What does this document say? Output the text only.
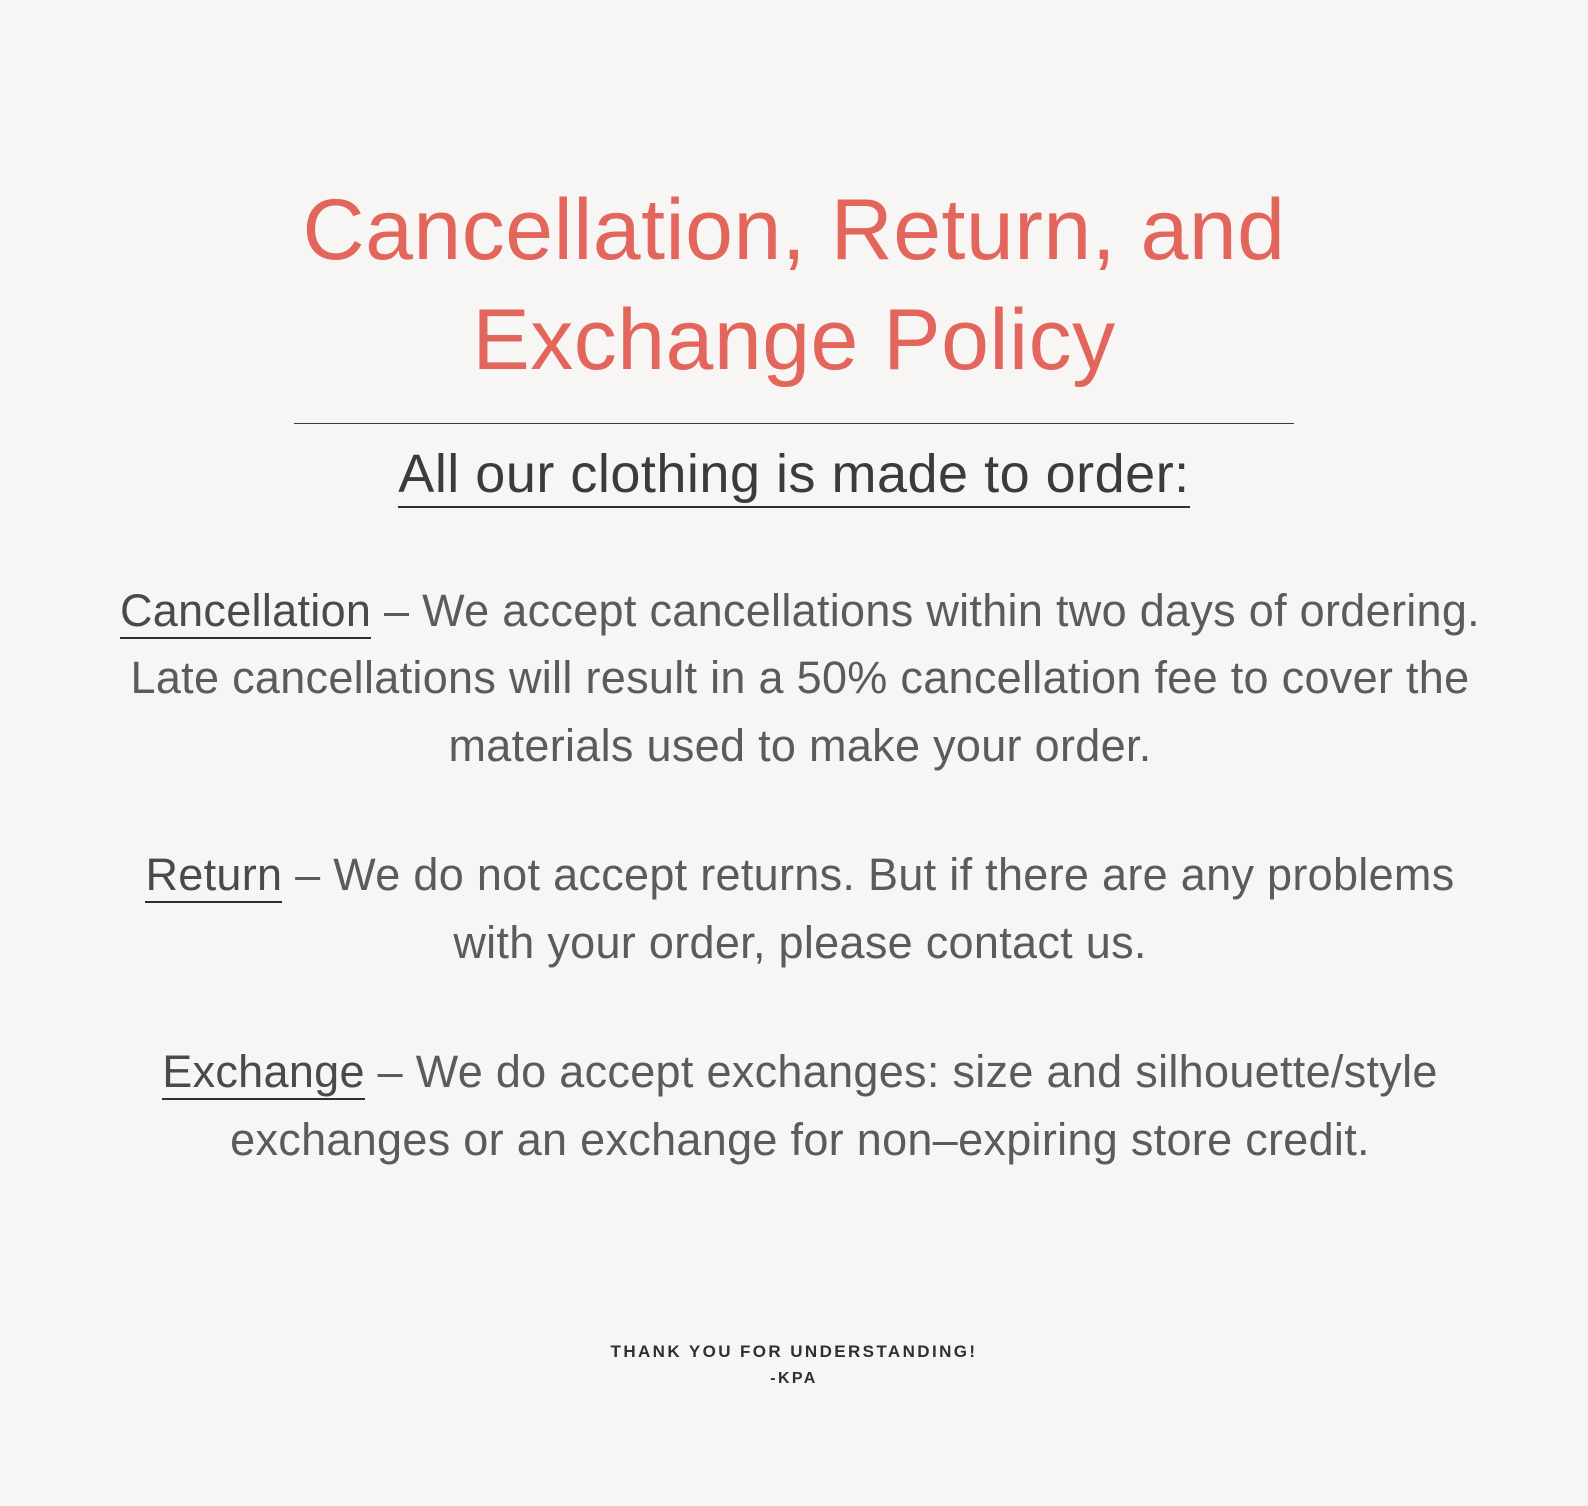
Cancellation, Return, and Exchange Policy
All our clothing is made to order:

Cancellation – We accept cancellations within two days of ordering. Late cancellations will result in a 50% cancellation fee to cover the materials used to make your order.

Return – We do not accept returns. But if there are any problems with your order, please contact us.

Exchange – We do accept exchanges: size and silhouette/style exchanges or an exchange for non–expiring store credit.

THANK YOU FOR UNDERSTANDING!

-KPA
